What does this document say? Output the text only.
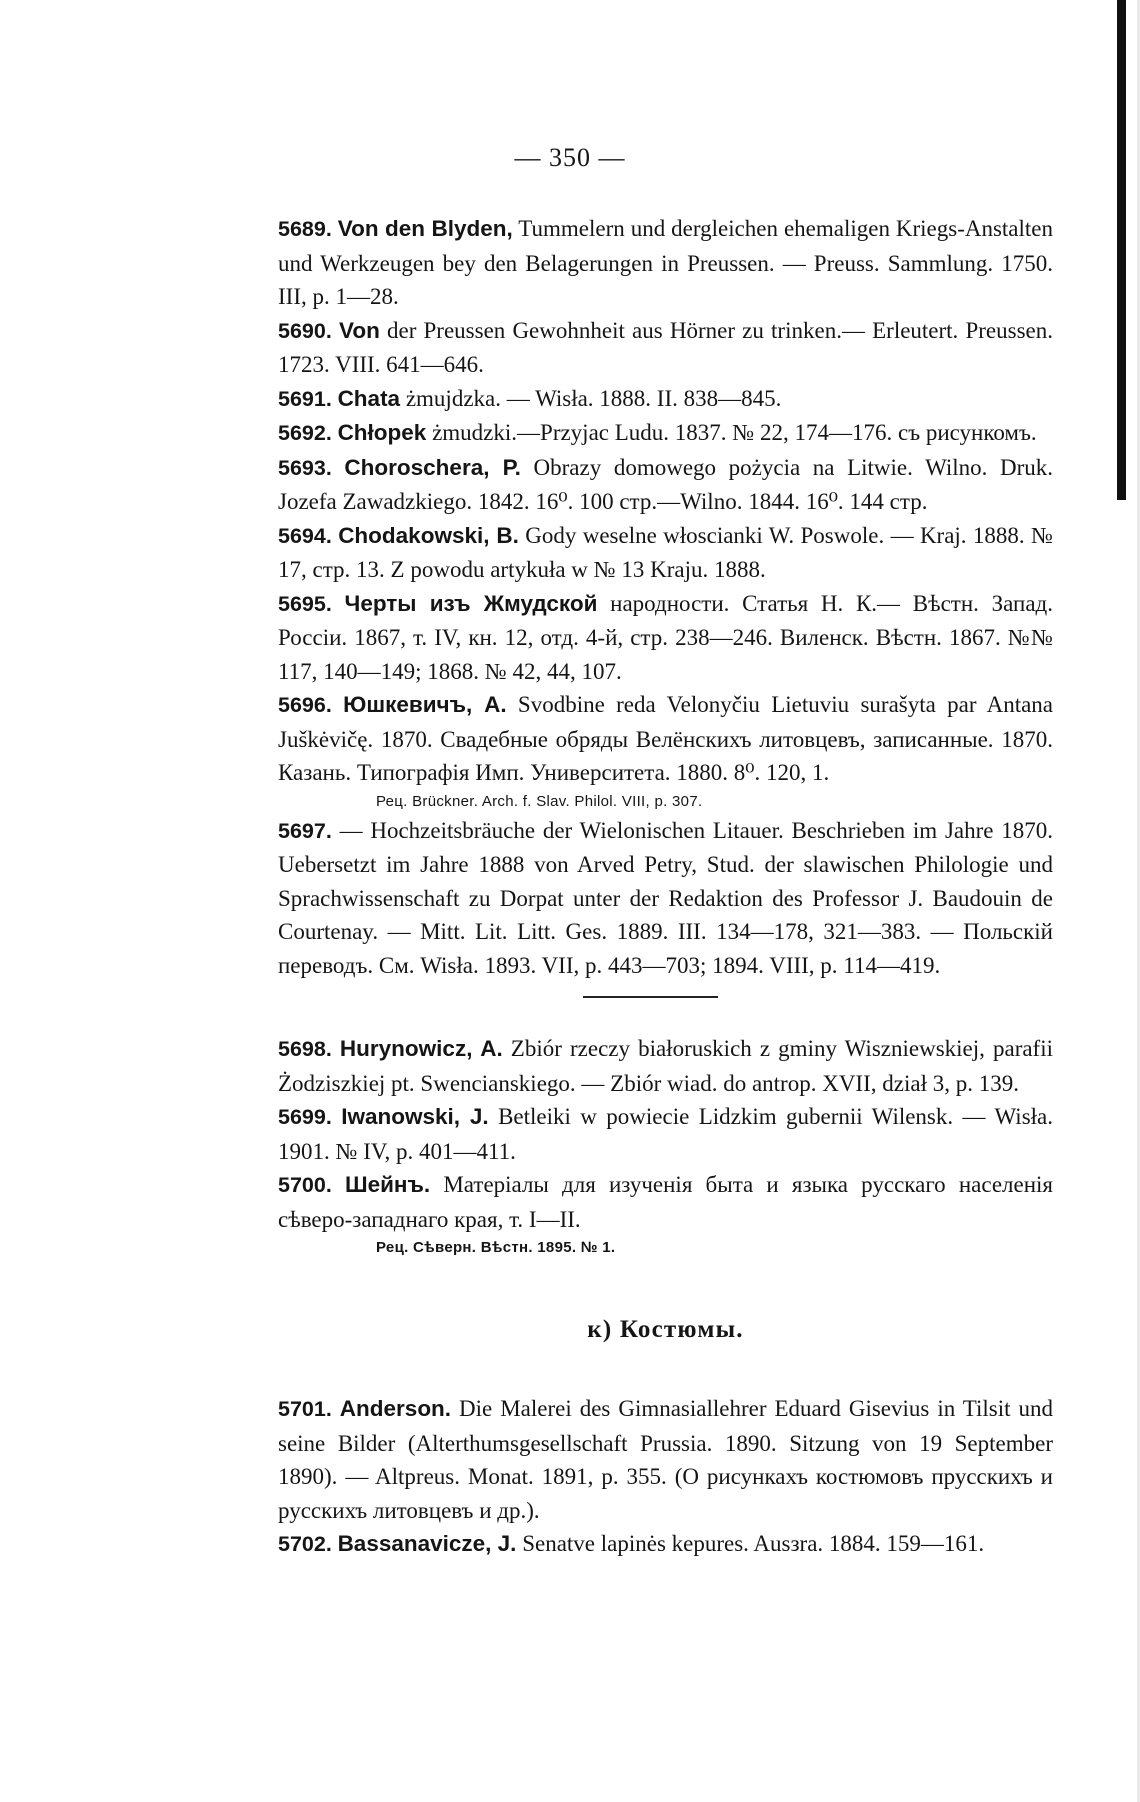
— 350 —

5689. Von den Blyden, Tummelern und dergleichen ehemaligen Kriegs-Anstalten und Werkzeugen bey den Belagerungen in Preussen. — Preuss. Sammlung. 1750. III, p. 1—28.

5690. Von der Preussen Gewohnheit aus Hörner zu trinken.— Erleutert. Preussen. 1723. VIII. 641—646.

5691. Chata żmujdzka. — Wisła. 1888. II. 838—845.

5692. Chłopek żmudzki.—Przyjac Ludu. 1837. № 22, 174—176. съ рисункомъ.

5693. Choroschera, P. Obrazy domowego pożycia na Litwie. Wilno. Druk. Jozefa Zawadzkiego. 1842. 16⁰. 100 стр.—Wilno. 1844. 16⁰. 144 стр.

5694. Chodakowski, B. Gody weselne włoscianki W. Poswole. — Kraj. 1888. № 17, стр. 13. Z powodu artykuła w № 13 Kraju. 1888.

5695. Черты изъ Жмудской народности. Статья Н. К.— Вѣстн. Запад. Россiи. 1867, т. IV, кн. 12, отд. 4-й, стр. 238—246. Виленск. Вѣстн. 1867. №№ 117, 140—149; 1868. № 42, 44, 107.

5696. Юшкевичъ, А. Svodbine reda Velonyčiu Lietuviu surašyta par Antana Juškėvičę. 1870. Свадебные обряды Велёнскихъ литовцевъ, записанные. 1870. Казань. Типографiя Имп. Университета. 1880. 8⁰. 120, 1.

Рец. Brückner. Arch. f. Slav. Philol. VIII, p. 307.

5697. — Hochzeitsbräuche der Wielonischen Litauer. Beschrieben im Jahre 1870. Uebersetzt im Jahre 1888 von Arved Petry, Stud. der slawischen Philologie und Sprachwissenschaft zu Dorpat unter der Redaktion des Professor J. Baudouin de Courtenay. — Mitt. Lit. Litt. Ges. 1889. III. 134—178, 321—383. — Польскiй переводъ. См. Wisła. 1893. VII, p. 443—703; 1894. VIII, p. 114—419.

5698. Hurynowicz, A. Zbiór rzeczy białoruskich z gminy Wiszniewskiej, parafii Żodziszkiej pt. Swencianskiego. — Zbiór wiad. do antrop. XVII, dział 3, p. 139.

5699. Iwanowski, J. Betleiki w powiecie Lidzkim gubernii Wilensk. — Wisła. 1901. № IV, p. 401—411.

5700. Шейнъ. Матерiалы для изученiя быта и языка русскаго населенiя сѣверо-западнаго края, т. I—II.

Рец. Сѣверн. Вѣстн. 1895. № 1.

к) Костюмы.

5701. Anderson. Die Malerei des Gimnasiallehrer Eduard Gisevius in Tilsit und seine Bilder (Alterthumsgesellschaft Prussia. 1890. Sitzung von 19 September 1890). — Altpreus. Monat. 1891, p. 355. (О рисункахъ костюмовъ прусскихъ и русскихъ литовцевъ и др.).

5702. Bassanavicze, J. Senatve lapinės kepures. Ausзra. 1884. 159—161.
